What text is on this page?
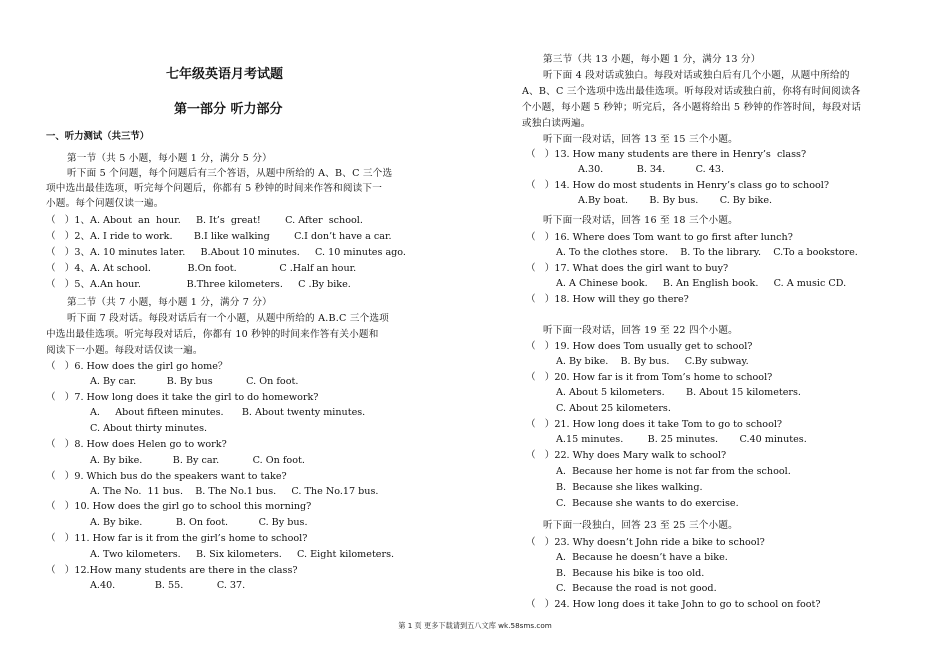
七年级英语月考试题
第一部分 听力部分
一、听力测试（共三节）
第一节（共 5 小题，每小题 1 分，满分 5 分）
听下面 5 个问题，每个问题后有三个答语，从题中所给的 A、B、C 三个选
项中选出最佳选项，听完每个问题后，你都有 5 秒钟的时间来作答和阅读下一
小题。每个问题仅读一遍。
（   ）1、A. About  an  hour.     B. It’s  great!        C. After  school.
（   ）2、A. I ride to work.       B.I like walking        C.I don’t have a car.
（   ）3、A. 10 minutes later.     B.About 10 minutes.     C. 10 minutes ago.
（   ）4、A. At school.            B.On foot.              C .Half an hour.
（   ）5、A.An hour.               B.Three kilometers.     C .By bike.
第二节（共 7 小题，每小题 1 分，满分 7 分）
听下面 7 段对话。每段对话后有一个小题，从题中所给的 A.B.C 三个选项
中选出最佳选项。听完每段对话后，你都有 10 秒钟的时间来作答有关小题和
阅读下一小题。每段对话仅读一遍。
（   ）6. How does the girl go home？
A. By car.          B. By bus           C. On foot.
（   ）7. How long does it take the girl to do homework?
A.     About fifteen minutes.      B. About twenty minutes.
C. About thirty minutes.
（   ）8. How does Helen go to work?
A. By bike.          B. By car.           C. On foot.
（   ）9. Which bus do the speakers want to take?
A. The No.  11 bus.    B. The No.1 bus.     C. The No.17 bus.
（   ）10. How does the girl go to school this morning?
A. By bike.           B. On foot.          C. By bus.
（   ）11. How far is it from the girl’s home to school?
A. Two kilometers.     B. Six kilometers.     C. Eight kilometers.
（   ）12.How many students are there in the class?
A.40.             B. 55.           C. 37.
第三节（共 13 小题，每小题 1 分，满分 13 分）
听下面 4 段对话或独白。每段对话或独白后有几个小题，从题中所给的
A、B、C 三个选项中选出最佳选项。听每段对话或独白前，你将有时间阅读各
个小题，每小题 5 秒钟；听完后，各小题将给出 5 秒钟的作答时间，每段对话
或独白读两遍。
听下面一段对话，回答 13 至 15 三个小题。
（   ）13. How many students are there in Henry’s  class?
A.30.           B. 34.          C. 43.
（   ）14. How do most students in Henry’s class go to school?
A.By boat.       B. By bus.       C. By bike.
听下面一段对话，回答 16 至 18 三个小题。
（   ）16. Where does Tom want to go first after lunch?
A. To the clothes store.    B. To the library.    C.To a bookstore.
（   ）17. What does the girl want to buy?
A. A Chinese book.     B. An English book.     C. A music CD.
（   ）18. How will they go there?
听下面一段对话，回答 19 至 22 四个小题。
（   ）19. How does Tom usually get to school?
A. By bike.    B. By bus.     C.By subway.
（   ）20. How far is it from Tom’s home to school?
A. About 5 kilometers.       B. About 15 kilometers.
C. About 25 kilometers.
（   ）21. How long does it take Tom to go to school?
A.15 minutes.        B. 25 minutes.       C.40 minutes.
（   ）22. Why does Mary walk to school?
A.  Because her home is not far from the school.
B.  Because she likes walking.
C.  Because she wants to do exercise.
听下面一段独白，回答 23 至 25 三个小题。
（   ）23. Why doesn’t John ride a bike to school?
A.  Because he doesn’t have a bike.
B.  Because his bike is too old.
C.  Because the road is not good.
（   ）24. How long does it take John to go to school on foot?
第 1 页 更多下载请到五八文库 wk.58sms.com
